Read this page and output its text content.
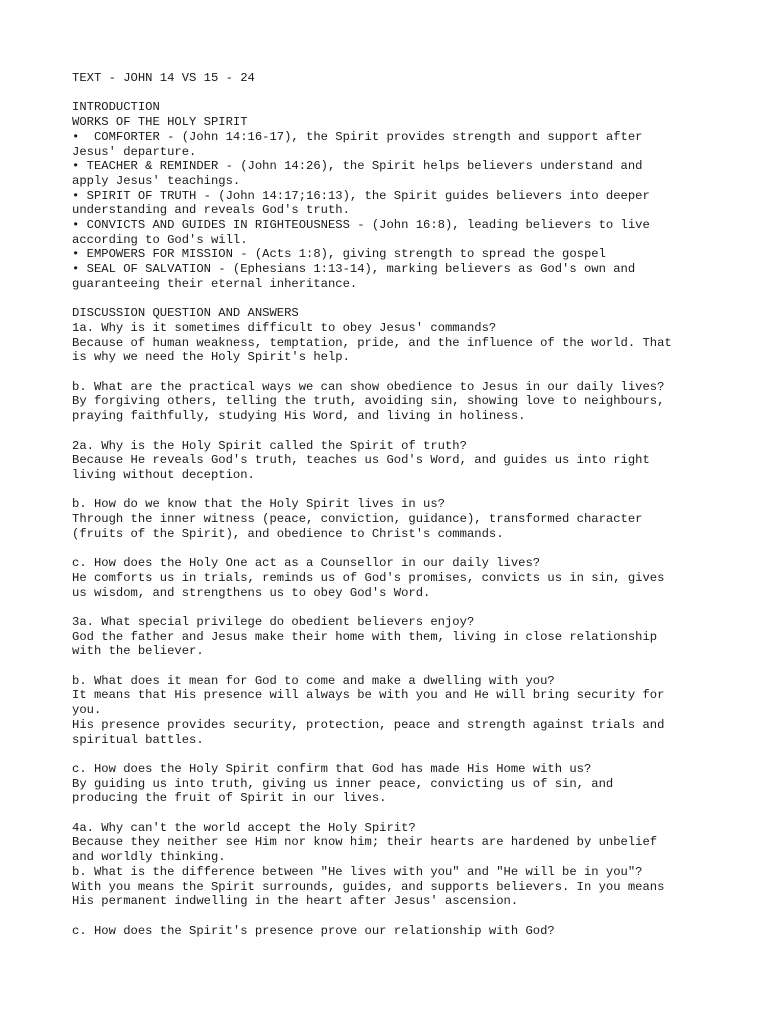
TEXT - JOHN 14 VS 15 - 24
INTRODUCTION
WORKS OF THE HOLY SPIRIT
•  COMFORTER - (John 14:16-17), the Spirit provides strength and support after
Jesus' departure.
• TEACHER & REMINDER - (John 14:26), the Spirit helps believers understand and
apply Jesus' teachings.
• SPIRIT OF TRUTH - (John 14:17;16:13), the Spirit guides believers into deeper
understanding and reveals God's truth.
• CONVICTS AND GUIDES IN RIGHTEOUSNESS - (John 16:8), leading believers to live
according to God's will.
• EMPOWERS FOR MISSION - (Acts 1:8), giving strength to spread the gospel
• SEAL OF SALVATION - (Ephesians 1:13-14), marking believers as God's own and
guaranteeing their eternal inheritance.
DISCUSSION QUESTION AND ANSWERS
1a. Why is it sometimes difficult to obey Jesus' commands?
Because of human weakness, temptation, pride, and the influence of the world. That
is why we need the Holy Spirit's help.
b. What are the practical ways we can show obedience to Jesus in our daily lives?
By forgiving others, telling the truth, avoiding sin, showing love to neighbours,
praying faithfully, studying His Word, and living in holiness.
2a. Why is the Holy Spirit called the Spirit of truth?
Because He reveals God's truth, teaches us God's Word, and guides us into right
living without deception.
b. How do we know that the Holy Spirit lives in us?
Through the inner witness (peace, conviction, guidance), transformed character
(fruits of the Spirit), and obedience to Christ's commands.
c. How does the Holy One act as a Counsellor in our daily lives?
He comforts us in trials, reminds us of God's promises, convicts us in sin, gives
us wisdom, and strengthens us to obey God's Word.
3a. What special privilege do obedient believers enjoy?
God the father and Jesus make their home with them, living in close relationship
with the believer.
b. What does it mean for God to come and make a dwelling with you?
It means that His presence will always be with you and He will bring security for
you.
His presence provides security, protection, peace and strength against trials and
spiritual battles.
c. How does the Holy Spirit confirm that God has made His Home with us?
By guiding us into truth, giving us inner peace, convicting us of sin, and
producing the fruit of Spirit in our lives.
4a. Why can't the world accept the Holy Spirit?
Because they neither see Him nor know him; their hearts are hardened by unbelief
and worldly thinking.
b. What is the difference between "He lives with you" and "He will be in you"?
With you means the Spirit surrounds, guides, and supports believers. In you means
His permanent indwelling in the heart after Jesus' ascension.
c. How does the Spirit's presence prove our relationship with God?
